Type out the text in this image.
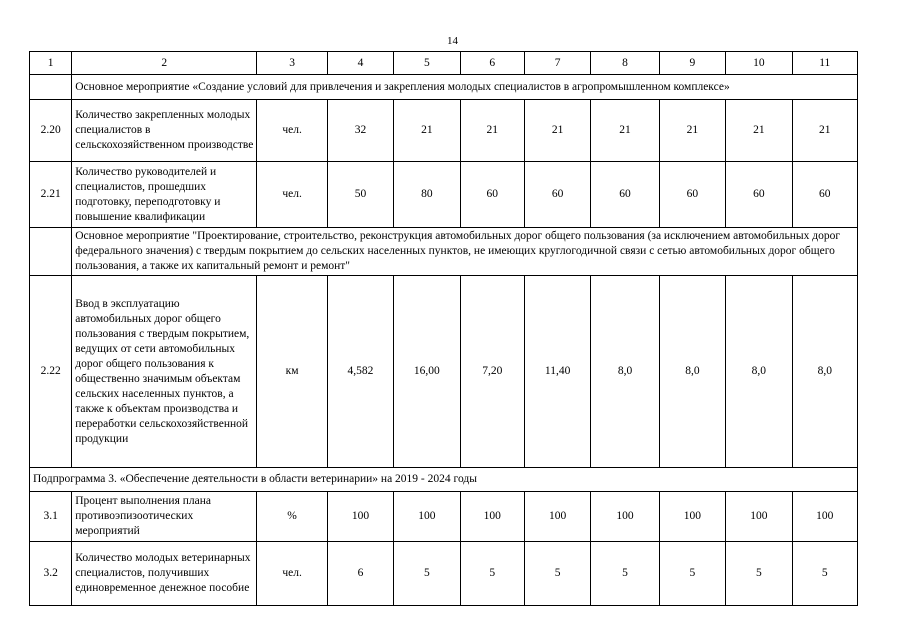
14
1	2	3	4	5	6	7	8	9	10	11
	Основное мероприятие «Создание условий для привлечения и закрепления молодых специалистов в агропромышленном комплексе»									
2.20	Количество закрепленных молодых специалистов в сельскохозяйственном производстве	чел.	32	21	21	21	21	21	21	21
2.21	Количество руководителей и специалистов, прошедших подготовку, переподготовку и повышение квалификации	чел.	50	80	60	60	60	60	60	60
	Основное мероприятие "Проектирование, строительство, реконструкция автомобильных дорог общего пользования (за исключением автомобильных дорог федерального значения) с твердым покрытием до сельских населенных пунктов, не имеющих круглогодичной связи с сетью автомобильных дорог общего пользования, а также их капитальный ремонт и ремонт"									
2.22	Ввод в эксплуатацию автомобильных дорог общего пользования с твердым покрытием, ведущих от сети автомобильных дорог общего пользования к общественно значимым объектам сельских населенных пунктов, а также к объектам производства и переработки сельскохозяйственной продукции	км	4,582	16,00	7,20	11,40	8,0	8,0	8,0	8,0
Подпрограмма 3. «Обеспечение деятельности в области ветеринарии» на 2019 - 2024 годы										
3.1	Процент выполнения плана противоэпизоотических мероприятий	%	100	100	100	100	100	100	100	100
3.2	Количество молодых ветеринарных специалистов, получивших единовременное денежное пособие	чел.	6	5	5	5	5	5	5	5
